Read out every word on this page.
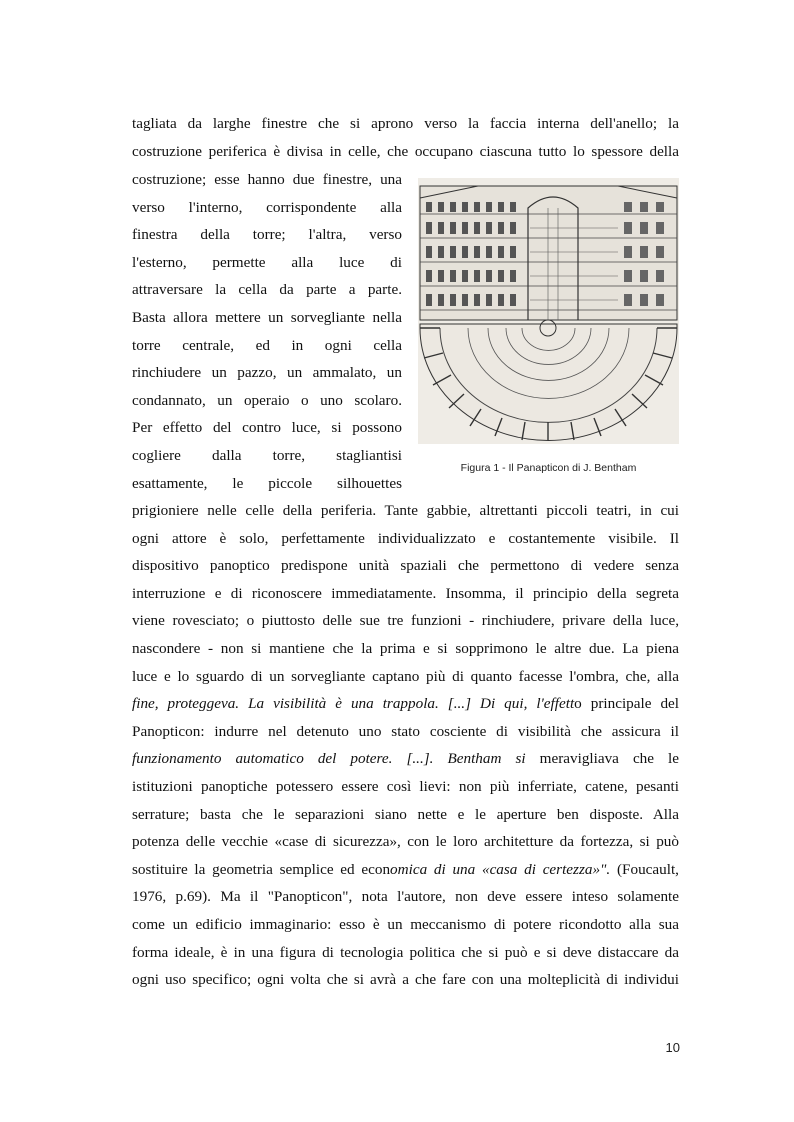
tagliata da larghe finestre che si aprono verso la faccia interna dell'anello; la
costruzione periferica è divisa in celle, che occupano ciascuna tutto lo spessore della
costruzione; esse hanno due finestre, una
verso l'interno, corrispondente alla
finestra della torre; l'altra, verso
l'esterno, permette alla luce di
attraversare la cella da parte a parte.
Basta allora mettere un sorvegliante nella
torre centrale, ed in ogni cella
rinchiudere un pazzo, un ammalato, un
condannato, un operaio o uno scolaro.
Per effetto del contro luce, si possono
cogliere dalla torre, stagliantisi
esattamente, le piccole silhouettes
prigioniere nelle celle della periferia. Tante gabbie, altrettanti piccoli teatri, in cui
ogni attore è solo, perfettamente individualizzato e costantemente visibile. Il
dispositivo panoptico predispone unità spaziali che permettono di vedere senza
interruzione e di riconoscere immediatamente. Insomma, il principio della segreta
viene rovesciato; o piuttosto delle sue tre funzioni - rinchiudere, privare della luce,
nascondere - non si mantiene che la prima e si sopprimono le altre due. La piena
luce e lo sguardo di un sorvegliante captano più di quanto facesse l'ombra, che, alla
fine, proteggeva. La visibilità è una trappola. [...] Di qui, l'effetto principale del
Panopticon: indurre nel detenuto uno stato cosciente di visibilità che assicura il
funzionamento automatico del potere. [...]. Bentham si meravigliava che le
istituzioni panoptiche potessero essere così lievi: non più inferriate, catene, pesanti
serrature; basta che le separazioni siano nette e le aperture ben disposte. Alla
potenza delle vecchie «case di sicurezza», con le loro architetture da fortezza, si può
sostituire la geometria semplice ed economica di una «casa di certezza»". (Foucault,
1976, p.69). Ma il "Panopticon", nota l'autore, non deve essere inteso solamente
come un edificio immaginario: esso è un meccanismo di potere ricondotto alla sua
forma ideale, è in una figura di tecnologia politica che si può e si deve distaccare da
ogni uso specifico; ogni volta che si avrà a che fare con una molteplicità di individui
Figura 1 - Il Panapticon di J. Bentham
10
